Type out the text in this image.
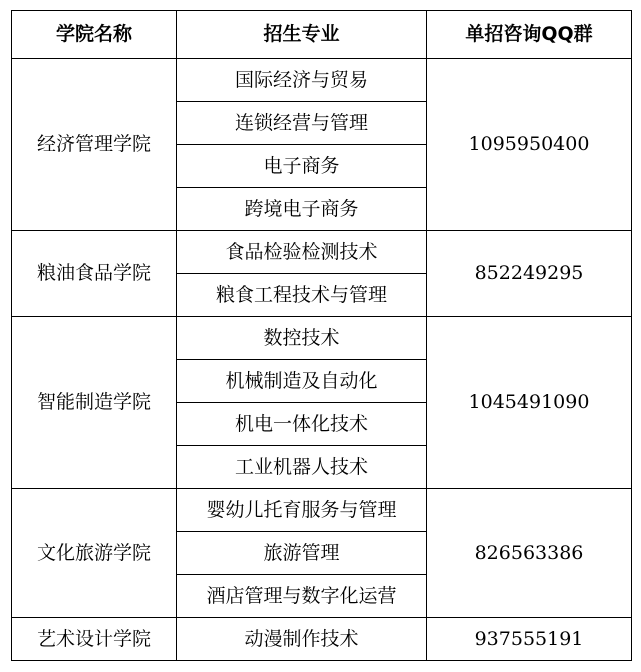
学院名称	招生专业	单招咨询QQ群
经济管理学院	国际经济与贸易	1095950400
	连锁经营与管理	
	电子商务	
	跨境电子商务	
粮油食品学院	食品检验检测技术	852249295
	粮食工程技术与管理	
智能制造学院	数控技术	1045491090
	机械制造及自动化	
	机电一体化技术	
	工业机器人技术	
文化旅游学院	婴幼儿托育服务与管理	826563386
	旅游管理	
	酒店管理与数字化运营	
艺术设计学院	动漫制作技术	937555191
